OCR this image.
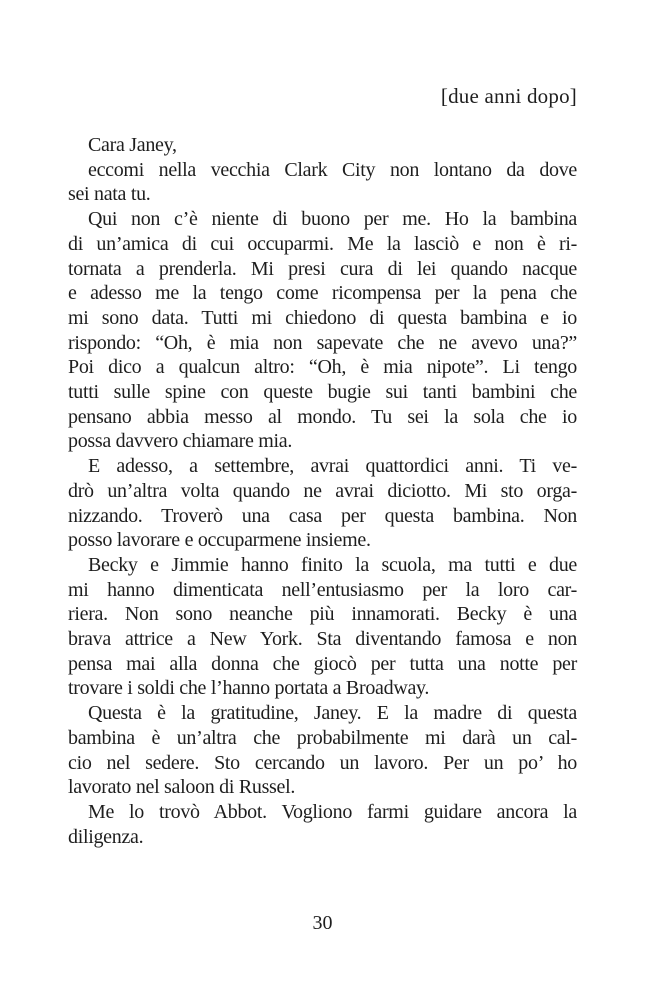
[due anni dopo]
Cara Janey,
eccomi nella vecchia Clark City non lontano da dove
sei nata tu.
Qui non c’è niente di buono per me. Ho la bambina
di un’amica di cui occuparmi. Me la lasciò e non è ri-
tornata a prenderla. Mi presi cura di lei quando nacque
e adesso me la tengo come ricompensa per la pena che
mi sono data. Tutti mi chiedono di questa bambina e io
rispondo: “Oh, è mia non sapevate che ne avevo una?”
Poi dico a qualcun altro: “Oh, è mia nipote”. Li tengo
tutti sulle spine con queste bugie sui tanti bambini che
pensano abbia messo al mondo. Tu sei la sola che io
possa davvero chiamare mia.
E adesso, a settembre, avrai quattordici anni. Ti ve-
drò un’altra volta quando ne avrai diciotto. Mi sto orga-
nizzando. Troverò una casa per questa bambina. Non
posso lavorare e occuparmene insieme.
Becky e Jimmie hanno finito la scuola, ma tutti e due
mi hanno dimenticata nell’entusiasmo per la loro car-
riera. Non sono neanche più innamorati. Becky è una
brava attrice a New York. Sta diventando famosa e non
pensa mai alla donna che giocò per tutta una notte per
trovare i soldi che l’hanno portata a Broadway.
Questa è la gratitudine, Janey. E la madre di questa
bambina è un’altra che probabilmente mi darà un cal-
cio nel sedere. Sto cercando un lavoro. Per un po’ ho
lavorato nel saloon di Russel.
Me lo trovò Abbot. Vogliono farmi guidare ancora la
diligenza.
30
